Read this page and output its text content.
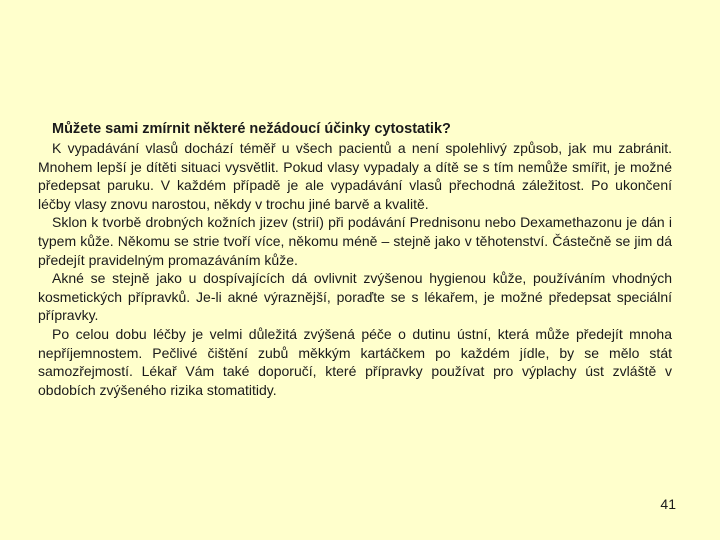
Můžete sami zmírnit některé nežádoucí účinky cytostatik?

K vypadávání vlasů dochází téměř u všech pacientů a není spolehlivý způsob, jak mu zabránit. Mnohem lepší je dítěti situaci vysvětlit. Pokud vlasy vypadaly a dítě se s tím nemůže smířit, je možné předepsat paruku. V každém případě je ale vypadávání vlasů přechodná záležitost. Po ukončení léčby vlasy znovu narostou, někdy v trochu jiné barvě a kvalitě.

Sklon k tvorbě drobných kožních jizev (strií) při podávání Prednisonu nebo Dexamethazonu je dán i typem kůže. Někomu se strie tvoří více, někomu méně – stejně jako v těhotenství. Částečně se jim dá předejít pravidelným promazáváním kůže.

Akné se stejně jako u dospívajících dá ovlivnit zvýšenou hygienou kůže, používáním vhodných kosmetických přípravků. Je-li akné výraznější, poraďte se s lékařem, je možné předepsat speciální přípravky.

Po celou dobu léčby je velmi důležitá zvýšená péče o dutinu ústní, která může předejít mnoha nepříjemnostem. Pečlivé čištění zubů měkkým kartáčkem po každém jídle, by se mělo stát samozřejmostí. Lékař Vám také doporučí, které přípravky používat pro výplachy úst zvláště v obdobích zvýšeného rizika stomatitidy.

41
